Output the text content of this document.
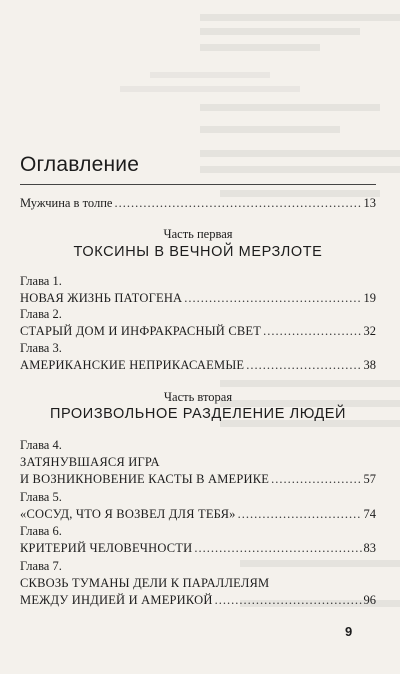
Оглавление
Мужчина в толпе .....	13
Часть первая
ТОКСИНЫ В ВЕЧНОЙ МЕРЗЛОТЕ
Глава 1.
НОВАЯ ЖИЗНЬ ПАТОГЕНА .....	19
Глава 2.
СТАРЫЙ ДОМ И ИНФРАКРАСНЫЙ СВЕТ .....	32
Глава 3.
АМЕРИКАНСКИЕ НЕПРИКАСАЕМЫЕ .....	38
Часть вторая
ПРОИЗВОЛЬНОЕ РАЗДЕЛЕНИЕ ЛЮДЕЙ
Глава 4.
ЗАТЯНУВШАЯСЯ ИГРА
И ВОЗНИКНОВЕНИЕ КАСТЫ В АМЕРИКЕ .....	57
Глава 5.
«СОСУД, ЧТО Я ВОЗВЕЛ ДЛЯ ТЕБЯ» .....	74
Глава 6.
КРИТЕРИЙ ЧЕЛОВЕЧНОСТИ .....	83
Глава 7.
СКВОЗЬ ТУМАНЫ ДЕЛИ К ПАРАЛЛЕЛЯМ
МЕЖДУ ИНДИЕЙ И АМЕРИКОЙ .....	96
9
